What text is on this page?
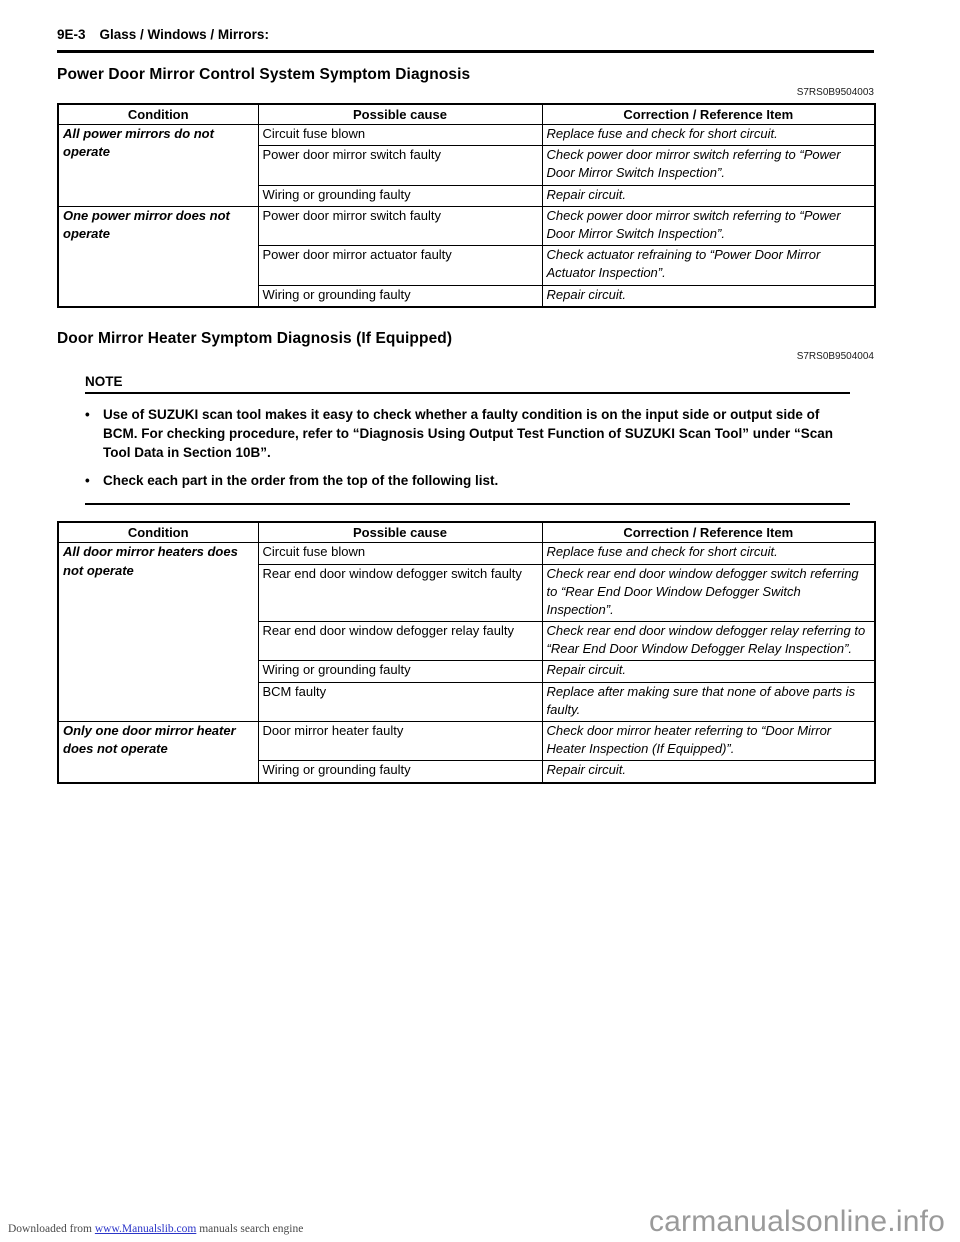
9E-3 Glass / Windows / Mirrors:
Power Door Mirror Control System Symptom Diagnosis
S7RS0B9504003
Condition	Possible cause	Correction / Reference Item
All power mirrors do not operate	Circuit fuse blown	Replace fuse and check for short circuit.
	Power door mirror switch faulty	Check power door mirror switch referring to “Power Door Mirror Switch Inspection”.
	Wiring or grounding faulty	Repair circuit.
One power mirror does not operate	Power door mirror switch faulty	Check power door mirror switch referring to “Power Door Mirror Switch Inspection”.
	Power door mirror actuator faulty	Check actuator refraining to “Power Door Mirror Actuator Inspection”.
	Wiring or grounding faulty	Repair circuit.
Door Mirror Heater Symptom Diagnosis (If Equipped)
S7RS0B9504004
NOTE
• Use of SUZUKI scan tool makes it easy to check whether a faulty condition is on the input side or output side of BCM. For checking procedure, refer to “Diagnosis Using Output Test Function of SUZUKI Scan Tool” under “Scan Tool Data in Section 10B”.
• Check each part in the order from the top of the following list.
Condition	Possible cause	Correction / Reference Item
All door mirror heaters does not operate	Circuit fuse blown	Replace fuse and check for short circuit.
	Rear end door window defogger switch faulty	Check rear end door window defogger switch referring to “Rear End Door Window Defogger Switch Inspection”.
	Rear end door window defogger relay faulty	Check rear end door window defogger relay referring to “Rear End Door Window Defogger Relay Inspection”.
	Wiring or grounding faulty	Repair circuit.
	BCM faulty	Replace after making sure that none of above parts is faulty.
Only one door mirror heater does not operate	Door mirror heater faulty	Check door mirror heater referring to “Door Mirror Heater Inspection (If Equipped)”.
	Wiring or grounding faulty	Repair circuit.
Downloaded from www.Manualslib.com manuals search engine	carmanualsonline.info
